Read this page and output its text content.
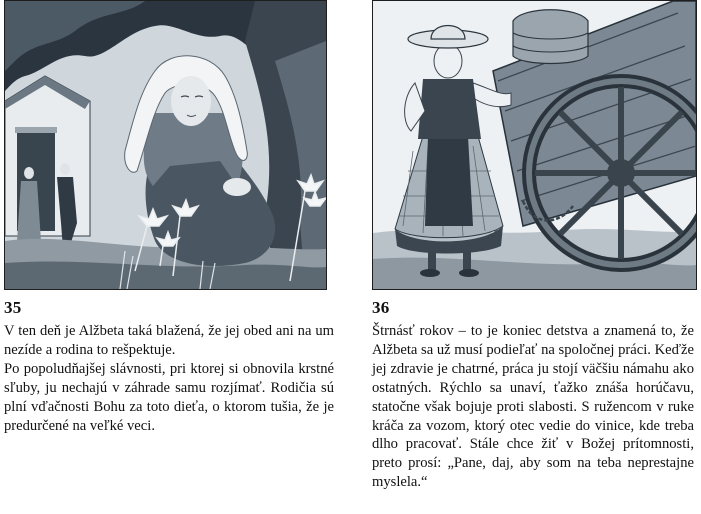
35

V ten deň je Alžbeta taká blažená, že jej obed ani na um nezíde a rodina to rešpektuje.

Po popoludňajšej slávnosti, pri ktorej si obnovila krstné sľuby, ju nechajú v záhrade samu rozjímať. Rodičia sú plní vďačnosti Bohu za toto dieťa, o ktorom tušia, že je predurčené na veľké veci.

36

Štrnásť rokov – to je koniec detstva a znamená to, že Alžbeta sa už musí podieľať na spoločnej práci. Keďže jej zdravie je chatrné, práca ju stojí väčšiu námahu ako ostatných. Rýchlo sa unaví, ťažko znáša horúčavu, statočne však bojuje proti slabosti. S ružencom v ruke kráča za vozom, ktorý otec vedie do vinice, kde treba dlho pracovať. Stále chce žiť v Božej prítomnosti, preto prosí: „Pane, daj, aby som na teba neprestajne myslela.“
